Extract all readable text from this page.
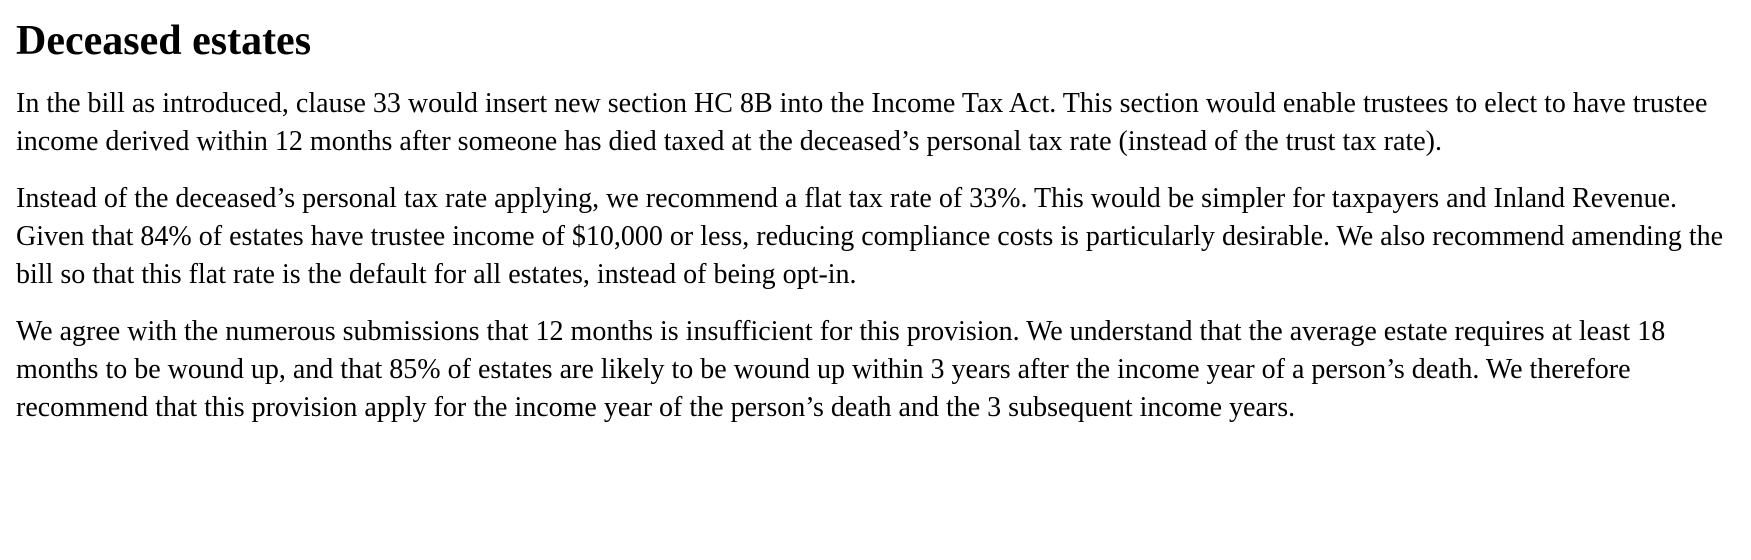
Deceased estates

In the bill as introduced, clause 33 would insert new section HC 8B into the Income Tax Act. This section would enable trustees to elect to have trustee income derived within 12 months after someone has died taxed at the deceased’s personal tax rate (instead of the trust tax rate).

Instead of the deceased’s personal tax rate applying, we recommend a flat tax rate of 33%. This would be simpler for taxpayers and Inland Revenue. Given that 84% of estates have trustee income of $10,000 or less, reducing compliance costs is particularly desirable. We also recommend amending the bill so that this flat rate is the default for all estates, instead of being opt-in.

We agree with the numerous submissions that 12 months is insufficient for this provision. We understand that the average estate requires at least 18 months to be wound up, and that 85% of estates are likely to be wound up within 3 years after the income year of a person’s death. We therefore recommend that this provision apply for the income year of the person’s death and the 3 subsequent income years.
